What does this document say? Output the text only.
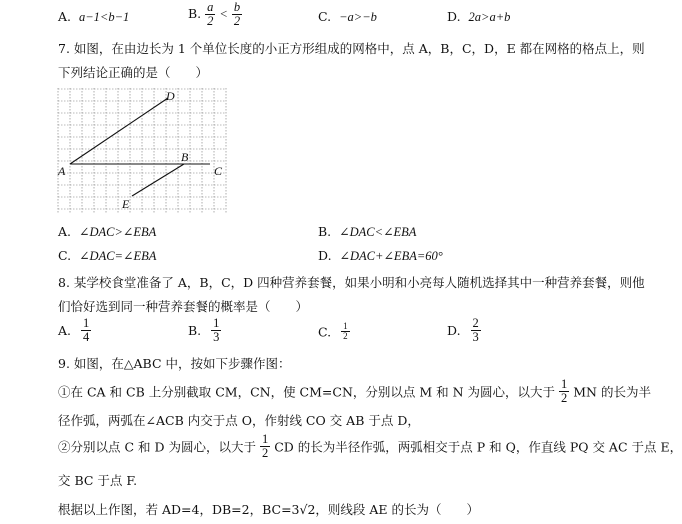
A. a−1<b−1	B. $\frac{a}{2} < \frac{b}{2}$	C. −a>−b	D. 2a>a+b
7. 如图，在由边长为 1 个单位长度的小正方形组成的网格中，点 A，B，C，D，E 都在网格的格点上，则
下列结论正确的是（　　）
D
B
A	C
E
A. ∠DAC>∠EBA	B. ∠DAC<∠EBA
C. ∠DAC=∠EBA	D. ∠DAC+∠EBA=60°
8. 某学校食堂准备了 A，B，C，D 四种营养套餐，如果小明和小亮每人随机选择其中一种营养套餐，则他
们恰好选到同一种营养套餐的概率是（　　）
A. $\frac{1}{4}$	B. $\frac{1}{3}$	C. $\frac{1}{2}$	D. $\frac{2}{3}$
9. 如图，在△ABC 中，按如下步骤作图：
①在 CA 和 CB 上分别截取 CM，CN，使 CM=CN，分别以点 M 和 N 为圆心，以大于 $\frac{1}{2}$ MN 的长为半
径作弧，两弧在∠ACB 内交于点 O，作射线 CO 交 AB 于点 D，
②分别以点 C 和 D 为圆心，以大于 $\frac{1}{2}$ CD 的长为半径作弧，两弧相交于点 P 和 Q，作直线 PQ 交 AC 于点 E，
交 BC 于点 F.
根据以上作图，若 AD=4，DB=2，BC=3√2，则线段 AE 的长为（　　）
